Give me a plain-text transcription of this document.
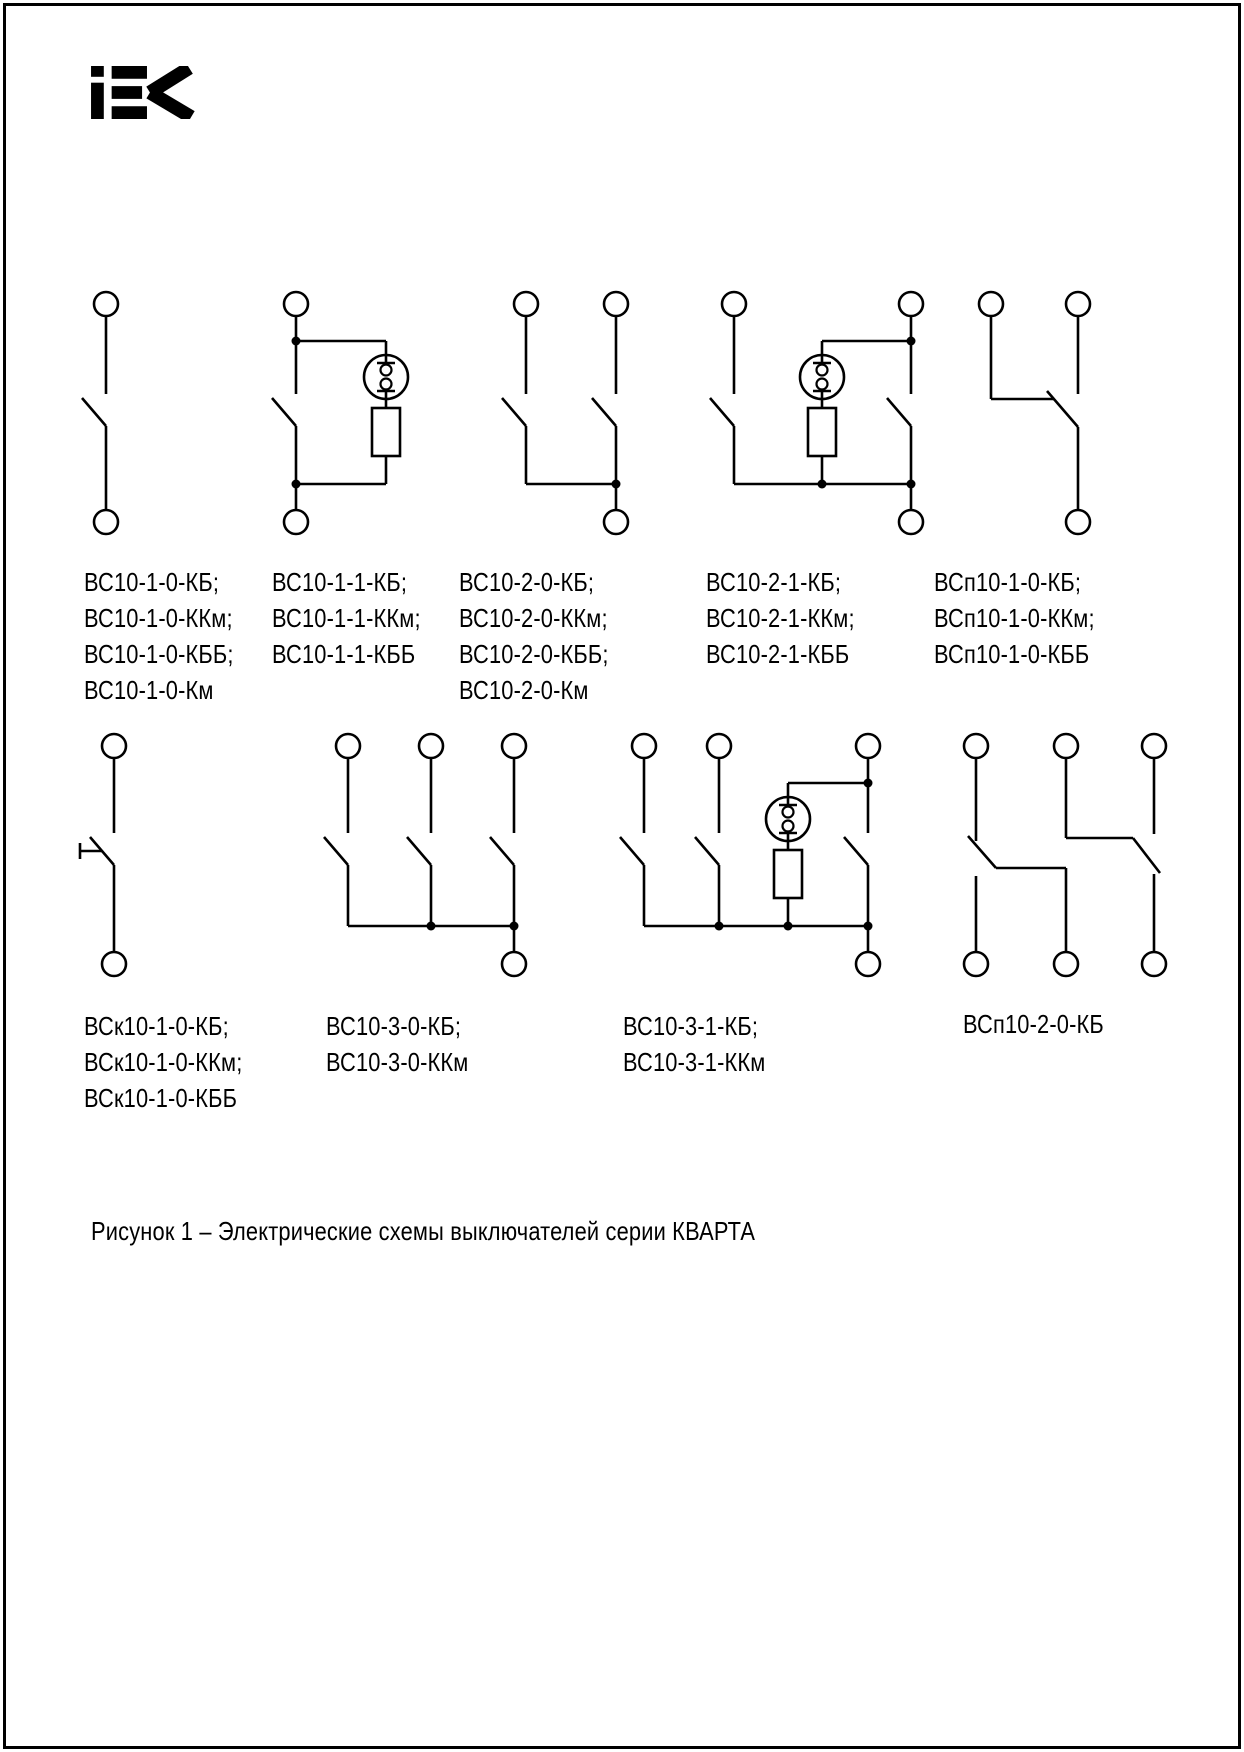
ВС10-1-0-КБ;
ВС10-1-0-ККм;
ВС10-1-0-КББ;
ВС10-1-0-Км
ВС10-1-1-КБ;
ВС10-1-1-ККм;
ВС10-1-1-КББ
ВС10-2-0-КБ;
ВС10-2-0-ККм;
ВС10-2-0-КББ;
ВС10-2-0-Км
ВС10-2-1-КБ;
ВС10-2-1-ККм;
ВС10-2-1-КББ
ВСп10-1-0-КБ;
ВСп10-1-0-ККм;
ВСп10-1-0-КББ
ВСк10-1-0-КБ;
ВСк10-1-0-ККм;
ВСк10-1-0-КББ
ВС10-3-0-КБ;
ВС10-3-0-ККм
ВС10-3-1-КБ;
ВС10-3-1-ККм
ВСп10-2-0-КБ
Рисунок 1 – Электрические схемы выключателей серии КВАРТА
